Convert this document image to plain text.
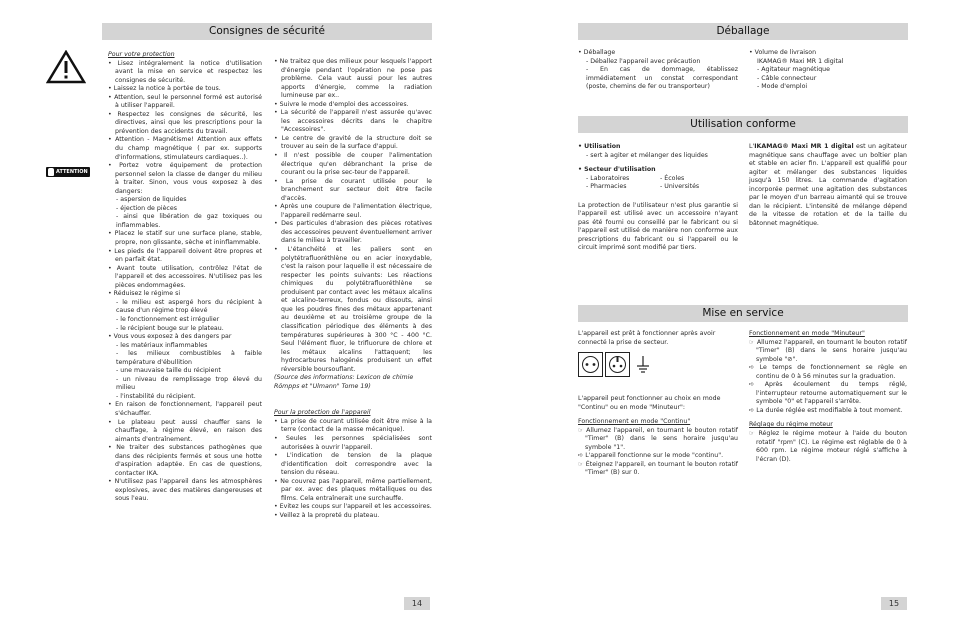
Consignes de sécurité
ATTENTION
Pour votre protection
• Lisez intégralement la notice d'utilisation avant la mise en service et respectez les consignes de sécurité.
• Laissez la notice à portée de tous.
• Attention, seul le personnel formé est autorisé à utiliser l'appareil.
• Respectez les consignes de sécurité, les directives, ainsi que les prescriptions pour la prévention des accidents du travail.
• Attention - Magnétisme! Attention aux effets du champ magnétique ( par ex. supports d'informations, stimulateurs cardiaques..).
• Portez votre équipement de protection personnel selon la classe de danger du milieu à traiter. Sinon, vous vous exposez à des dangers:
- aspersion de liquides
- éjection de pièces
- ainsi que libération de gaz toxiques ou inflammables.
• Placez le statif sur une surface plane, stable, propre, non glissante, sèche et ininflammable.
• Les pieds de l'appareil doivent être propres et en parfait état.
• Avant toute utilisation, contrôlez l'état de l'appareil et des accessoires. N'utilisez pas les pièces endommagées.
• Réduisez le régime si
- le milieu est aspergé hors du récipient à cause d'un régime trop élevé
- le fonctionnement est irrégulier
- le récipient bouge sur le plateau.
• Vous vous exposez à des dangers par
- les matériaux inflammables
- les milieux combustibles à faible température d'ébullition
- une mauvaise taille du récipient
- un niveau de remplissage trop élevé du milieu
- l'instabilité du récipient.
• En raison de fonctionnement, l'appareil peut s'échauffer.
• Le plateau peut aussi chauffer sans le chauffage, à régime élevé, en raison des aimants d'entraînement.
• Ne traiter des substances pathogènes que dans des récipients fermés et sous une hotte d'aspiration adaptée. En cas de questions, contacter IKA.
• N'utilisez pas l'appareil dans les atmosphères explosives, avec des matières dangereuses et sous l'eau.
• Ne traitez que des milieux pour lesquels l'apport d'énergie pendant l'opération ne pose pas problème. Cela vaut aussi pour les autres apports d'énergie, comme la radiation lumineuse par ex..
• Suivre le mode d'emploi des accessoires.
• La sécurité de l'appareil n'est assurée qu'avec les accessoires décrits dans le chapitre "Accessoires".
• Le centre de gravité de la structure doit se trouver au sein de la surface d'appui.
• Il n'est possible de couper l'alimentation électrique qu'en débranchant la prise de courant ou la prise sec-teur de l'appareil.
• La prise de courant utilisée pour le branchement sur secteur doit être facile d'accès.
• Après une coupure de l'alimentation électrique, l'appareil redémarre seul.
• Des particules d'abrasion des pièces rotatives des accessoires peuvent éventuellement arriver dans le milieu à travailler.
• L'étanchéité et les paliers sont en polytétrafluoréthlène ou en acier inoxydable, c'est la raison pour laquelle il est nécessaire de respecter les points suivants: Les réactions chimiques du polytétrafluoréthlène se produisent par contact avec les métaux alcalins et alcalino-terreux, fondus ou dissouts, ainsi que les poudres fines des métaux appartenant au deuxième et au troisième groupe de la classification périodique des éléments à des températures supérieures à 300 °C - 400 °C. Seul l'élément fluor, le trifluorure de chlore et les métaux alcalins l'attaquent; les hydrocarbures halogénés produisent un effet réversible boursouflant.
(Source des informations: Lexicon de chimie Römpps et "Ulmann" Tome 19)
Pour la protection de l'appareil
• La prise de courant utilisée doit être mise à la terre (contact de la masse mécanique).
• Seules les personnes spécialisées sont autorisées à ouvrir l'appareil.
• L'indication de tension de la plaque d'identification doit correspondre avec la tension du réseau.
• Ne couvrez pas l'appareil, même partiellement, par ex. avec des plaques métalliques ou des films. Cela entraînerait une surchauffe.
• Evitez les coups sur l'appareil et les accessoires.
• Veillez à la propreté du plateau.
14
Déballage
• Déballage
- Déballez l'appareil avec précaution
- En cas de dommage, établissez immédiatement un constat correspondant (poste, chemins de fer ou transporteur)
• Volume de livraison
IKAMAG® Maxi MR 1 digital
- Agitateur magnétique
- Câble connecteur
- Mode d'emploi
Utilisation conforme
• Utilisation
- sert à agiter et mélanger des liquides
• Secteur d'utilisation
- Laboratoires
- Pharmacies
- Écoles
- Universités

La protection de l'utilisateur n'est plus garantie si l'appareil est utilisé avec un accessoire n'ayant pas été fourni ou conseillé par le fabricant ou si l'appareil est utilisé de manière non conforme aux prescriptions du fabricant ou si l'appareil ou le circuit imprimé sont modifié par tiers.

L'IKAMAG® Maxi MR 1 digital est un agitateur magnétique sans chauffage avec un boîtier plan et stable en acier fin. L'appareil est qualifié pour agiter et mélanger des substances liquides jusqu'à 150 litres. La commande d'agitation incorporée permet une agitation des substances par le moyen d'un barreau aimanté qui se trouve dan le récipient. L'intensité de mélange dépend de la vitesse de rotation et de la taille du bâtonnet magnétique.

Mise en service

L'appareil est prêt à fonctionner après avoir connecté la prise de secteur.

L'appareil peut fonctionner au choix en mode "Continu" ou en mode "Minuteur":

Fonctionnement en mode "Continu"
☞ Allumez l'appareil, en tournant le bouton rotatif "Timer" (B) dans le sens horaire jusqu'au symbole "1".
➪ L'appareil fonctionne sur le mode "continu".
☞ Éteignez l'appareil, en tournant le bouton rotatif "Timer" (B) sur 0.
Fonctionnement en mode "Minuteur"
☞ Allumez l'appareil, en tournant le bouton rotatif "Timer" (B) dans le sens horaire jusqu'au symbole "⊘".
➪ Le temps de fonctionnement se règle en continu de 0 à 56 minutes sur la graduation.
➪ Après écoulement du temps réglé, l'interrupteur retourne automatiquement sur le symbole "0" et l'appareil s'arrête.
➪ La durée réglée est modifiable à tout moment.
Réglage du régime moteur
☞ Réglez le régime moteur à l'aide du bouton rotatif "rpm" (C). Le régime est réglable de 0 à 600 rpm. Le régime moteur réglé s'affiche à l'écran (D).
15
